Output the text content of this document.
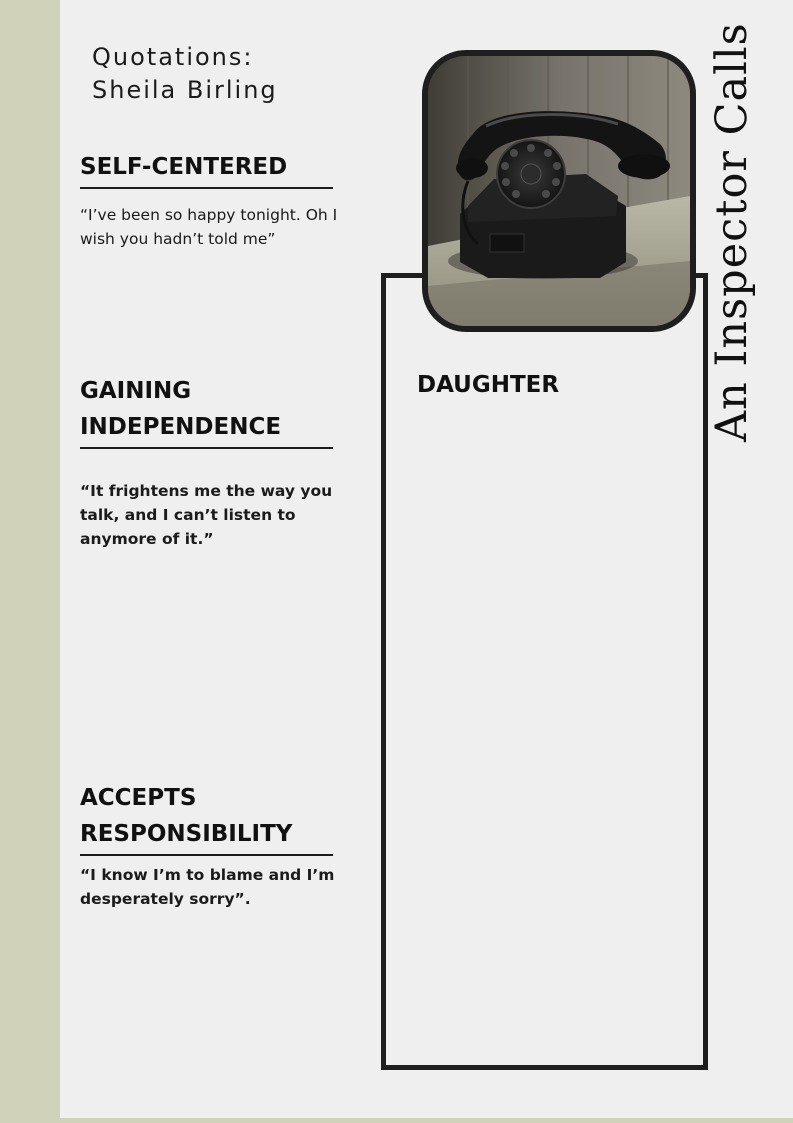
Quotations:
Sheila Birling
SELF-CENTERED
“I’ve been so happy tonight. Oh I wish you hadn’t told me”
GAINING
INDEPENDENCE
“It frightens me the way you talk, and I can’t listen to anymore of it.”
ACCEPTS
RESPONSIBILITY
“I know I’m to blame and I’m desperately sorry”.
DAUGHTER	An Inspector Calls
